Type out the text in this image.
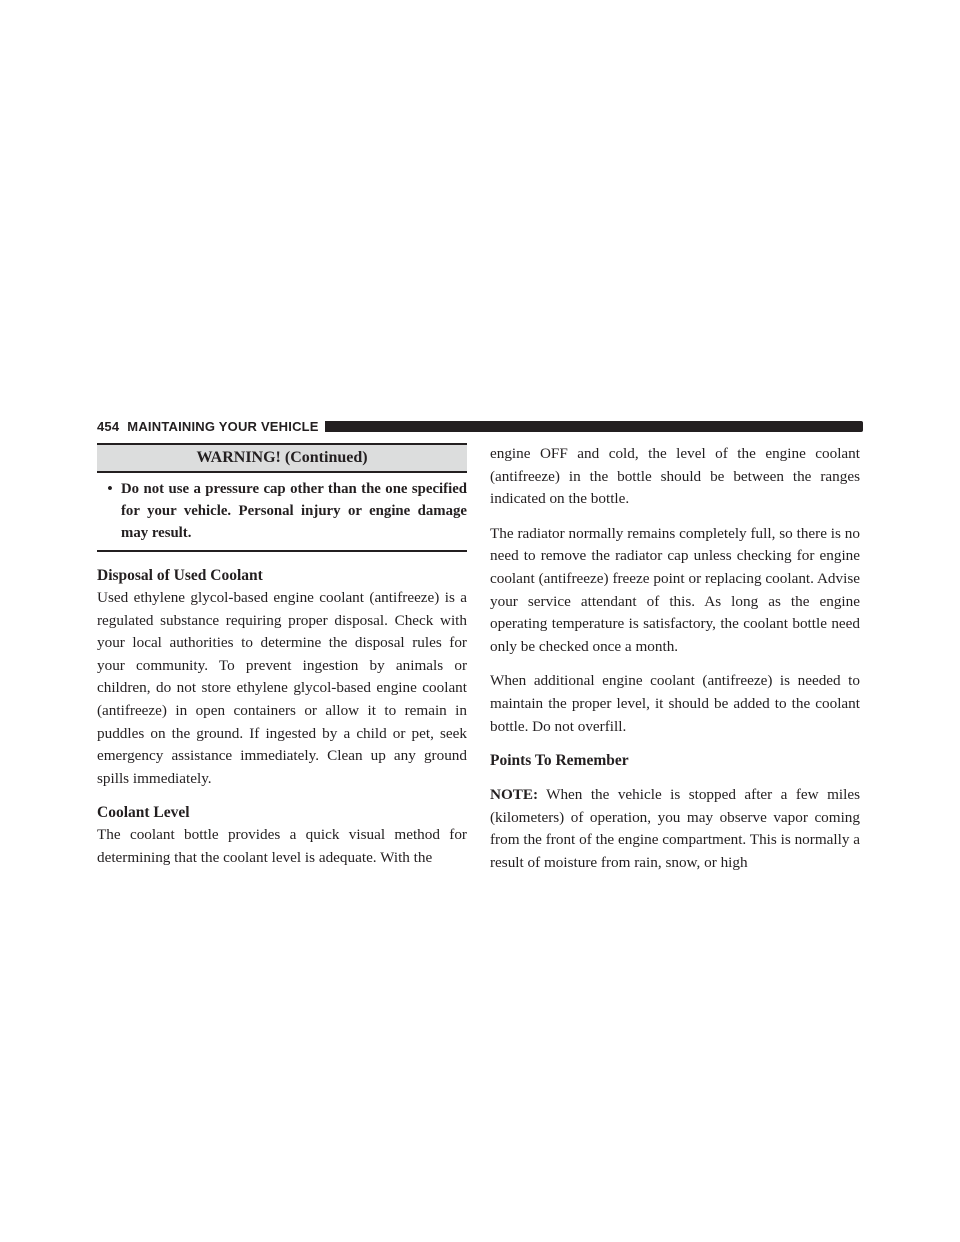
454 MAINTAINING YOUR VEHICLE
WARNING! (Continued)
• Do not use a pressure cap other than the one specified for your vehicle. Personal injury or engine damage may result.
Disposal of Used Coolant

Used ethylene glycol-based engine coolant (antifreeze) is a regulated substance requiring proper disposal. Check with your local authorities to determine the disposal rules for your community. To prevent ingestion by animals or children, do not store ethylene glycol-based engine coolant (antifreeze) in open containers or allow it to remain in puddles on the ground. If ingested by a child or pet, seek emergency assistance immediately. Clean up any ground spills immediately.

Coolant Level

The coolant bottle provides a quick visual method for determining that the coolant level is adequate. With the

engine OFF and cold, the level of the engine coolant (antifreeze) in the bottle should be between the ranges indicated on the bottle.

The radiator normally remains completely full, so there is no need to remove the radiator cap unless checking for engine coolant (antifreeze) freeze point or replacing coolant. Advise your service attendant of this. As long as the engine operating temperature is satisfactory, the coolant bottle need only be checked once a month.

When additional engine coolant (antifreeze) is needed to maintain the proper level, it should be added to the coolant bottle. Do not overfill.

Points To Remember

NOTE: When the vehicle is stopped after a few miles (kilometers) of operation, you may observe vapor coming from the front of the engine compartment. This is normally a result of moisture from rain, snow, or high
